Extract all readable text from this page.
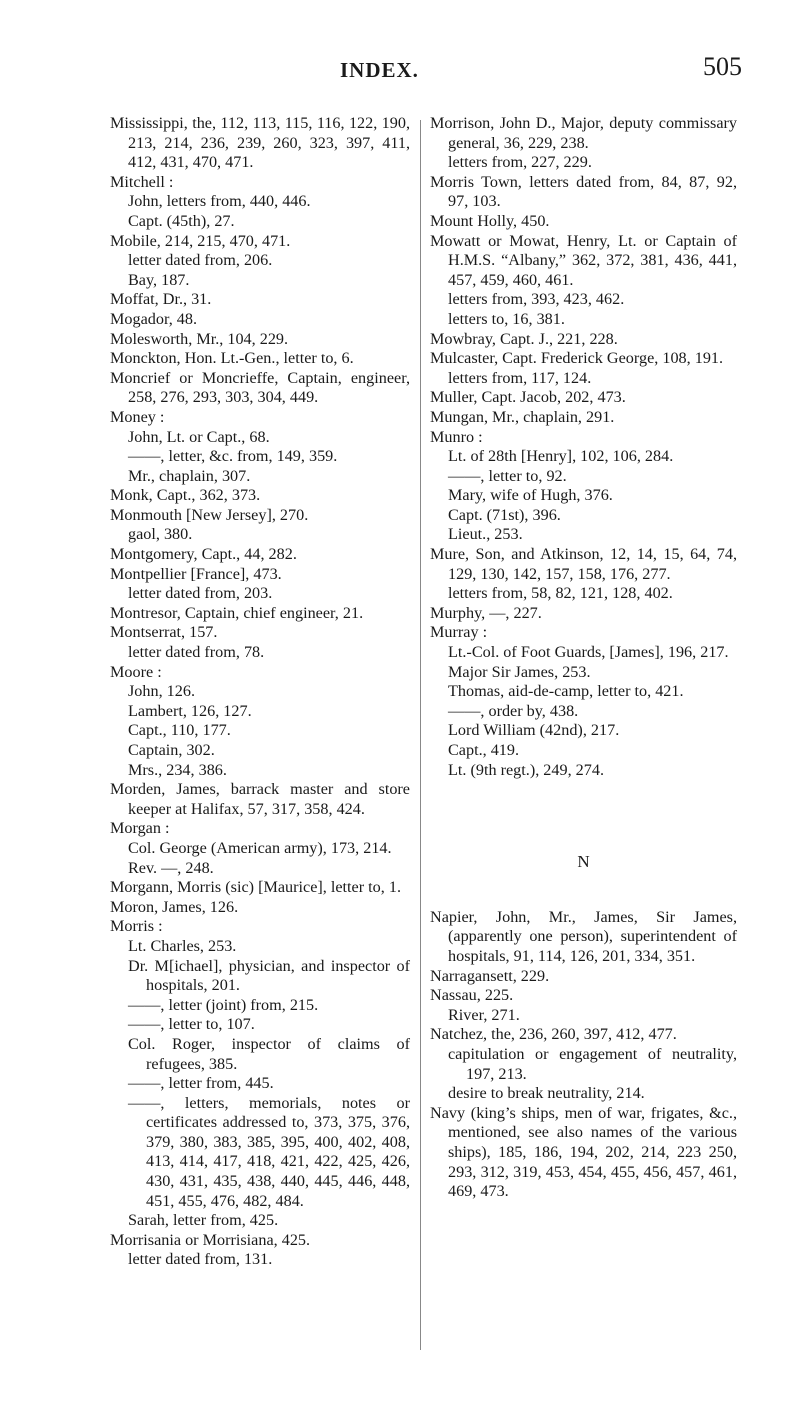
INDEX.	505
Mississippi, the, 112, 113, 115, 116, 122, 190, 213, 214, 236, 239, 260, 323, 397, 411, 412, 431, 470, 471.
Mitchell :
John, letters from, 440, 446.
Capt. (45th), 27.
Mobile, 214, 215, 470, 471.
letter dated from, 206.
Bay, 187.
Moffat, Dr., 31.
Mogador, 48.
Molesworth, Mr., 104, 229.
Monckton, Hon. Lt.-Gen., letter to, 6.
Moncrief or Moncrieffe, Captain, engineer, 258, 276, 293, 303, 304, 449.
Money :
John, Lt. or Capt., 68.
——, letter, &c. from, 149, 359.
Mr., chaplain, 307.
Monk, Capt., 362, 373.
Monmouth [New Jersey], 270.
gaol, 380.
Montgomery, Capt., 44, 282.
Montpellier [France], 473.
letter dated from, 203.
Montresor, Captain, chief engineer, 21.
Montserrat, 157.
letter dated from, 78.
Moore :
John, 126.
Lambert, 126, 127.
Capt., 110, 177.
Captain, 302.
Mrs., 234, 386.
Morden, James, barrack master and store keeper at Halifax, 57, 317, 358, 424.
Morgan :
Col. George (American army), 173, 214.
Rev. —, 248.
Morgann, Morris (sic) [Maurice], letter to, 1.
Moron, James, 126.
Morris :
Lt. Charles, 253.
Dr. M[ichael], physician, and inspector of hospitals, 201.
——, letter (joint) from, 215.
——, letter to, 107.
Col. Roger, inspector of claims of refugees, 385.
——, letter from, 445.
——, letters, memorials, notes or certificates addressed to, 373, 375, 376, 379, 380, 383, 385, 395, 400, 402, 408, 413, 414, 417, 418, 421, 422, 425, 426, 430, 431, 435, 438, 440, 445, 446, 448, 451, 455, 476, 482, 484.
Sarah, letter from, 425.
Morrisania or Morrisiana, 425.
letter dated from, 131.
Morrison, John D., Major, deputy commissary general, 36, 229, 238.
letters from, 227, 229.
Morris Town, letters dated from, 84, 87, 92, 97, 103.
Mount Holly, 450.
Mowatt or Mowat, Henry, Lt. or Captain of H.M.S. “Albany,” 362, 372, 381, 436, 441, 457, 459, 460, 461.
letters from, 393, 423, 462.
letters to, 16, 381.
Mowbray, Capt. J., 221, 228.
Mulcaster, Capt. Frederick George, 108, 191.
letters from, 117, 124.
Muller, Capt. Jacob, 202, 473.
Mungan, Mr., chaplain, 291.
Munro :
Lt. of 28th [Henry], 102, 106, 284.
——, letter to, 92.
Mary, wife of Hugh, 376.
Capt. (71st), 396.
Lieut., 253.
Mure, Son, and Atkinson, 12, 14, 15, 64, 74, 129, 130, 142, 157, 158, 176, 277.
letters from, 58, 82, 121, 128, 402.
Murphy, —, 227.
Murray :
Lt.-Col. of Foot Guards, [James], 196, 217.
Major Sir James, 253.
Thomas, aid-de-camp, letter to, 421.
——, order by, 438.
Lord William (42nd), 217.
Capt., 419.
Lt. (9th regt.), 249, 274.
N
Napier, John, Mr., James, Sir James, (apparently one person), superintendent of hospitals, 91, 114, 126, 201, 334, 351.
Narragansett, 229.
Nassau, 225.
River, 271.
Natchez, the, 236, 260, 397, 412, 477.
capitulation or engagement of neutrality, 197, 213.
desire to break neutrality, 214.
Navy (king’s ships, men of war, frigates, &c., mentioned, see also names of the various ships), 185, 186, 194, 202, 214, 223 250, 293, 312, 319, 453, 454, 455, 456, 457, 461, 469, 473.
